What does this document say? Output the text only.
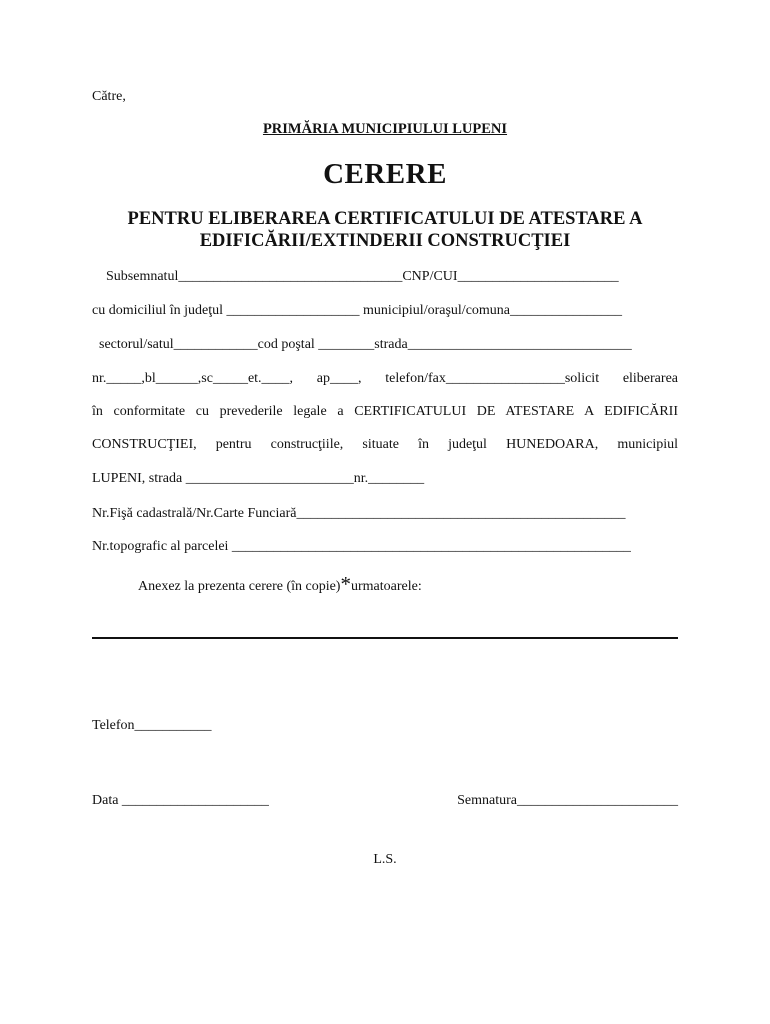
Către,
PRIMĂRIA MUNICIPIULUI LUPENI
CERERE
PENTRU ELIBERAREA CERTIFICATULUI DE ATESTARE A
EDIFICĂRII/EXTINDERII CONSTRUCŢIEI
Subsemnatul________________________________CNP/CUI_______________________
cu domiciliul în judeţul ___________________ municipiul/oraşul/comuna________________
sectorul/satul____________cod poştal ________strada________________________________
nr._____,bl______,sc_____et.____, ap____, telefon/fax_________________solicit eliberarea
în conformitate cu prevederile legale a CERTIFICATULUI DE ATESTARE A EDIFICĂRII
CONSTRUCŢIEI, pentru construcţiile, situate în judeţul HUNEDOARA, municipiul
LUPENI, strada ________________________nr.________
Nr.Fişă cadastrală/Nr.Carte Funciară_______________________________________________
Nr.topografic al parcelei _________________________________________________________
Anexez la prezenta cerere (în copie)*urmatoarele:
Telefon___________
Data _____________________	Semnatura_______________________
L.S.
